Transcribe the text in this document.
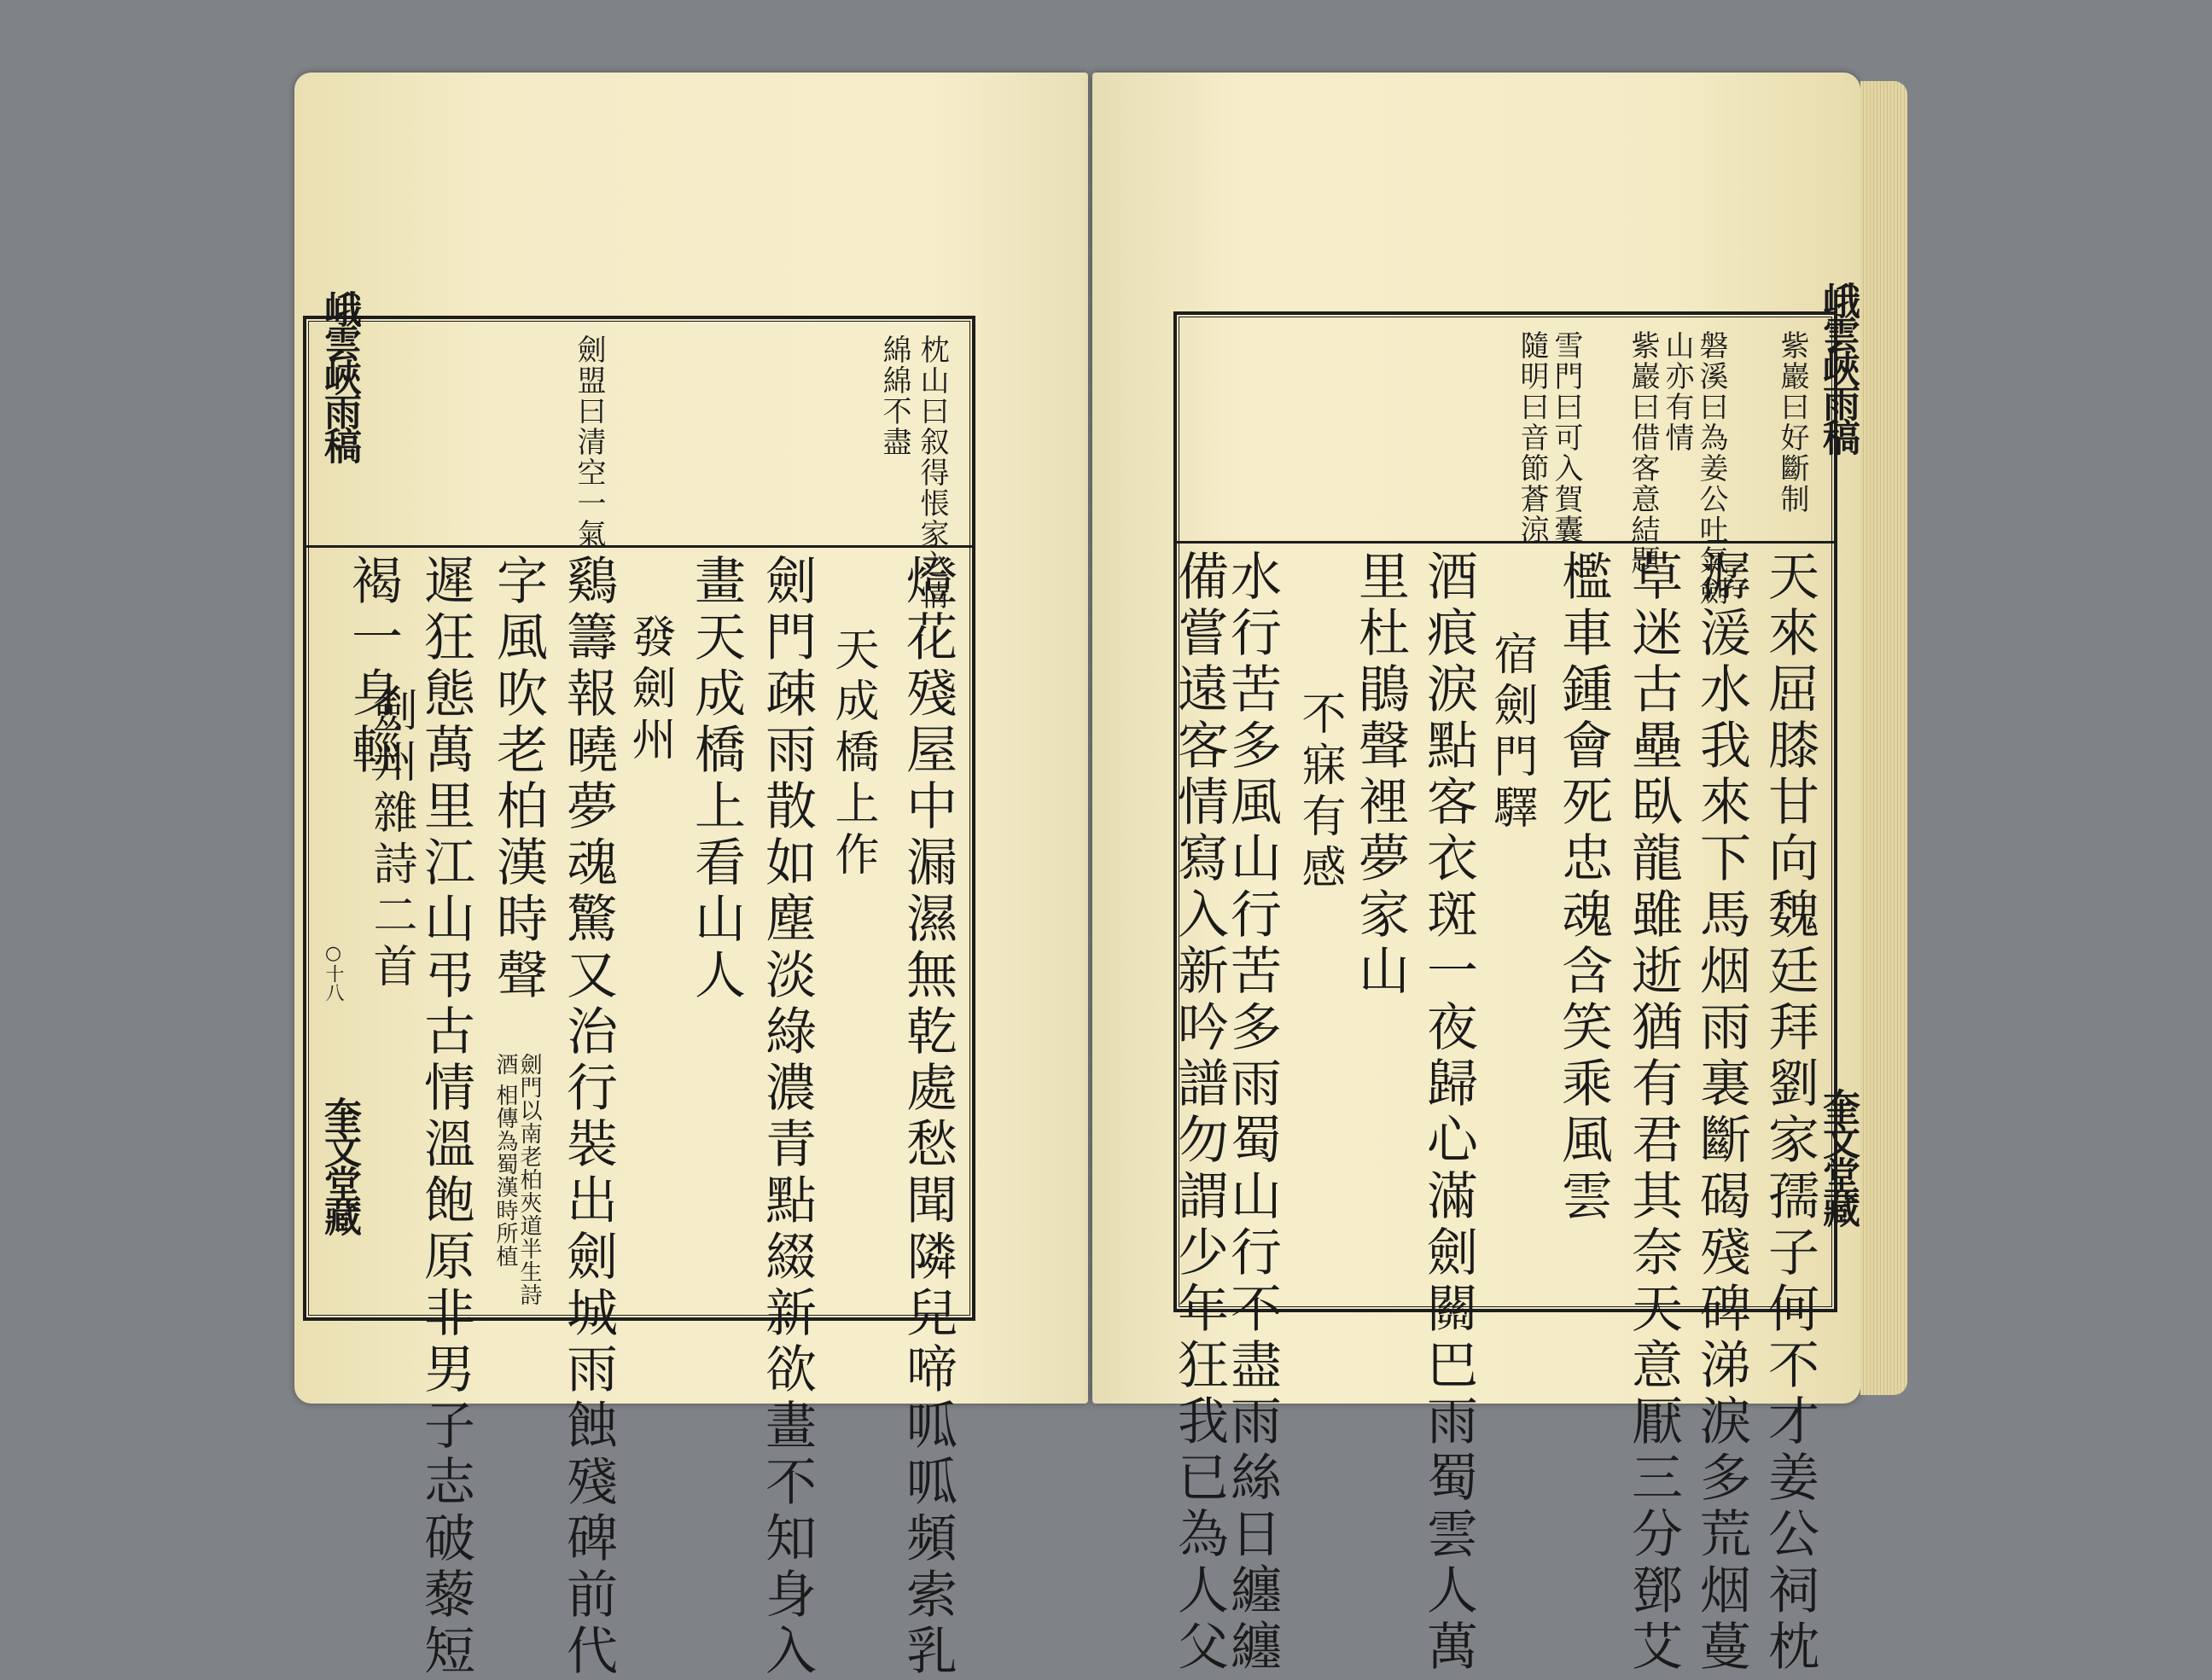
枕山曰叙得悵家之情
綿綿不盡
劍盟曰清空一氣
燈花殘屋中漏濕無乾處愁聞隣兒啼呱呱頻索乳
天成橋上作
劍門疎雨散如塵淡綠濃青點綴新欲畫不知身入
畫天成橋上看山人
發劍州
鷄籌報曉夢魂驚又治行裝出劍城雨蝕殘碑前代
字風吹老柏漢時聲
劍門以南老柏夾道半生詩酒 相傳為蜀漢時所植
遲狂態萬里江山弔古情溫飽原非男子志破藜短
褐一身輕
劍州雜詩二首
峨雲峽雨稿
○十八
奎文堂藏
紫巖曰好斷制
磐溪曰為姜公吐氣劍
山亦有情
紫巖曰借客意結題
雪門曰可入賀囊
隨明曰音節蒼涼
天來屈膝甘向魏廷拜劉家孺子何不才姜公祠枕
潺湲水我來下馬烟雨裏斷碣殘碑涕淚多荒烟蔓
草迷古壘臥龍雖逝猶有君其奈天意厭三分鄧艾
檻車鍾會死忠魂含笑乘風雲
宿劍門驛
酒痕淚點客衣斑一夜歸心滿劍關巴雨蜀雲人萬
里杜鵑聲裡夢家山
不寐有感
水行苦多風山行苦多雨蜀山行不盡雨絲日纏纏
備嘗遠客情寫入新吟譜勿謂少年狂我已為人父
峨雲峽雨稿
奎文堂藏
